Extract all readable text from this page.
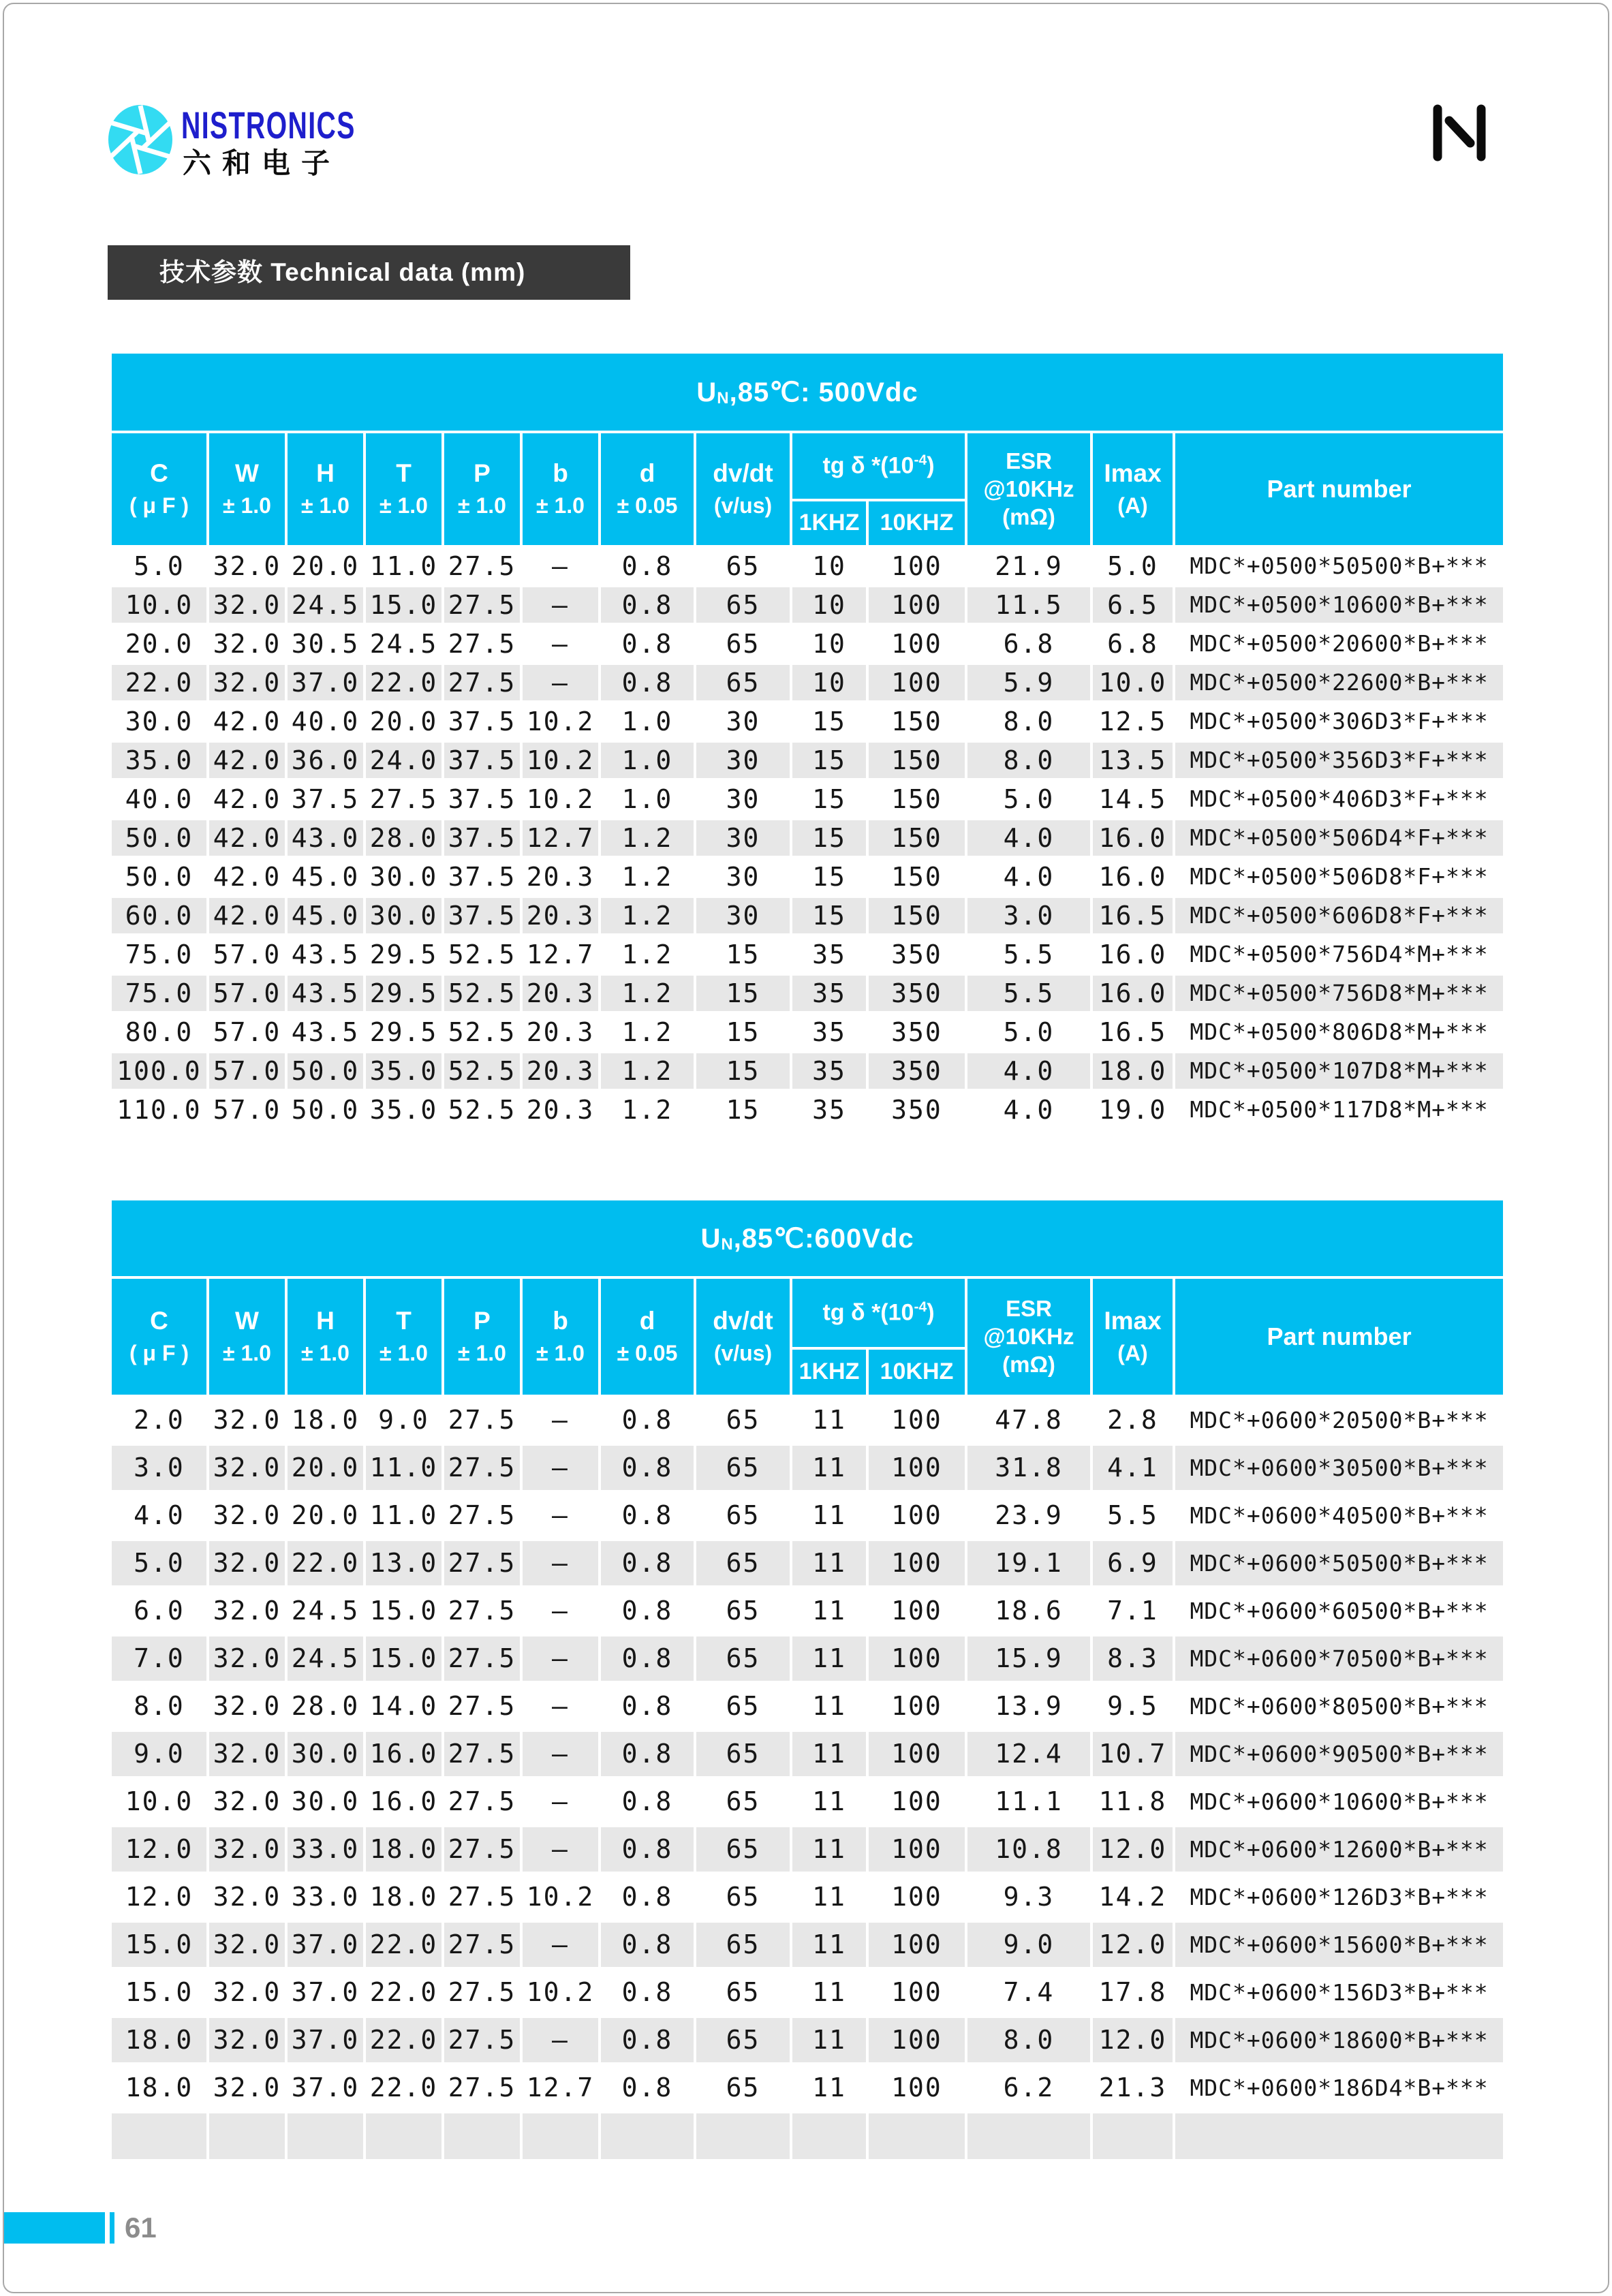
NISTRONICS
六和电子
技术参数 Technical data (mm)
$U_N,85℃$: 500Vdc												

C
( μ F )

W
± 1.0

H
± 1.0

T
± 1.0

P
± 1.0

b
± 1.0

d
± 0.05

dv/dt
(v/us)
	tg δ $*(10^{-4})$	ESR
@10KHz
(mΩ)

Imax
(A)
	Part number
								1KHZ	10KHZ			
5.0	32.0	20.0	11.0	27.5	–	0.8	65	10	100	21.9	5.0	MDC*+0500*50500*B+***
10.0	32.0	24.5	15.0	27.5	–	0.8	65	10	100	11.5	6.5	MDC*+0500*10600*B+***
20.0	32.0	30.5	24.5	27.5	–	0.8	65	10	100	6.8	6.8	MDC*+0500*20600*B+***
22.0	32.0	37.0	22.0	27.5	–	0.8	65	10	100	5.9	10.0	MDC*+0500*22600*B+***
30.0	42.0	40.0	20.0	37.5	10.2	1.0	30	15	150	8.0	12.5	MDC*+0500*306D3*F+***
35.0	42.0	36.0	24.0	37.5	10.2	1.0	30	15	150	8.0	13.5	MDC*+0500*356D3*F+***
40.0	42.0	37.5	27.5	37.5	10.2	1.0	30	15	150	5.0	14.5	MDC*+0500*406D3*F+***
50.0	42.0	43.0	28.0	37.5	12.7	1.2	30	15	150	4.0	16.0	MDC*+0500*506D4*F+***
50.0	42.0	45.0	30.0	37.5	20.3	1.2	30	15	150	4.0	16.0	MDC*+0500*506D8*F+***
60.0	42.0	45.0	30.0	37.5	20.3	1.2	30	15	150	3.0	16.5	MDC*+0500*606D8*F+***
75.0	57.0	43.5	29.5	52.5	12.7	1.2	15	35	350	5.5	16.0	MDC*+0500*756D4*M+***
75.0	57.0	43.5	29.5	52.5	20.3	1.2	15	35	350	5.5	16.0	MDC*+0500*756D8*M+***
80.0	57.0	43.5	29.5	52.5	20.3	1.2	15	35	350	5.0	16.5	MDC*+0500*806D8*M+***
100.0	57.0	50.0	35.0	52.5	20.3	1.2	15	35	350	4.0	18.0	MDC*+0500*107D8*M+***
110.0	57.0	50.0	35.0	52.5	20.3	1.2	15	35	350	4.0	19.0	MDC*+0500*117D8*M+***
$U_N,85℃:600Vdc$												

C
( μ F )

W
± 1.0

H
± 1.0

T
± 1.0

P
± 1.0

b
± 1.0

d
± 0.05

dv/dt
(v/us)
	tg δ $*(10^{-4})$	ESR
@10KHz
(mΩ)

Imax
(A)
	Part number
								1KHZ	10KHZ			
2.0	32.0	18.0	9.0	27.5	–	0.8	65	11	100	47.8	2.8	MDC*+0600*20500*B+***
3.0	32.0	20.0	11.0	27.5	–	0.8	65	11	100	31.8	4.1	MDC*+0600*30500*B+***
4.0	32.0	20.0	11.0	27.5	–	0.8	65	11	100	23.9	5.5	MDC*+0600*40500*B+***
5.0	32.0	22.0	13.0	27.5	–	0.8	65	11	100	19.1	6.9	MDC*+0600*50500*B+***
6.0	32.0	24.5	15.0	27.5	–	0.8	65	11	100	18.6	7.1	MDC*+0600*60500*B+***
7.0	32.0	24.5	15.0	27.5	–	0.8	65	11	100	15.9	8.3	MDC*+0600*70500*B+***
8.0	32.0	28.0	14.0	27.5	–	0.8	65	11	100	13.9	9.5	MDC*+0600*80500*B+***
9.0	32.0	30.0	16.0	27.5	–	0.8	65	11	100	12.4	10.7	MDC*+0600*90500*B+***
10.0	32.0	30.0	16.0	27.5	–	0.8	65	11	100	11.1	11.8	MDC*+0600*10600*B+***
12.0	32.0	33.0	18.0	27.5	–	0.8	65	11	100	10.8	12.0	MDC*+0600*12600*B+***
12.0	32.0	33.0	18.0	27.5	10.2	0.8	65	11	100	9.3	14.2	MDC*+0600*126D3*B+***
15.0	32.0	37.0	22.0	27.5	–	0.8	65	11	100	9.0	12.0	MDC*+0600*15600*B+***
15.0	32.0	37.0	22.0	27.5	10.2	0.8	65	11	100	7.4	17.8	MDC*+0600*156D3*B+***
18.0	32.0	37.0	22.0	27.5	–	0.8	65	11	100	8.0	12.0	MDC*+0600*18600*B+***
18.0	32.0	37.0	22.0	27.5	12.7	0.8	65	11	100	6.2	21.3	MDC*+0600*186D4*B+***

61
